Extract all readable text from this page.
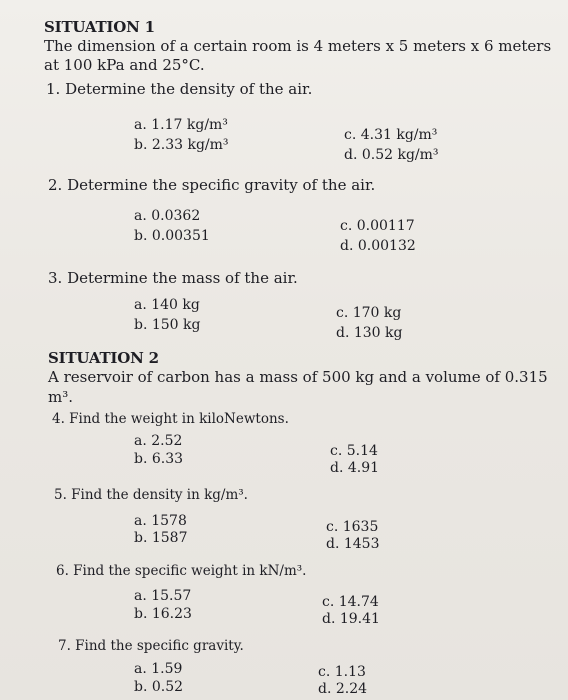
SITUATION 1
The dimension of a certain room is 4 meters x 5 meters x 6 meters
at 100 kPa and 25°C.
1. Determine the density of the air.
a. 1.17 kg/m³
b. 2.33 kg/m³
c. 4.31 kg/m³
d. 0.52 kg/m³
2. Determine the specific gravity of the air.
a. 0.0362
b. 0.00351
c. 0.00117
d. 0.00132
3. Determine the mass of the air.
a. 140 kg
b. 150 kg
c. 170 kg
d. 130 kg
SITUATION 2
A reservoir of carbon has a mass of 500 kg and a volume of 0.315
m³.
4. Find the weight in kiloNewtons.
a. 2.52
b. 6.33	c. 5.14
d. 4.91
5. Find the density in kg/m³.
a. 1578
b. 1587
c. 1635
d. 1453
6. Find the specific weight in kN/m³.
a. 15.57
b. 16.23
c. 14.74
d. 19.41
7. Find the specific gravity.
a. 1.59
b. 0.52
c. 1.13
d. 2.24
